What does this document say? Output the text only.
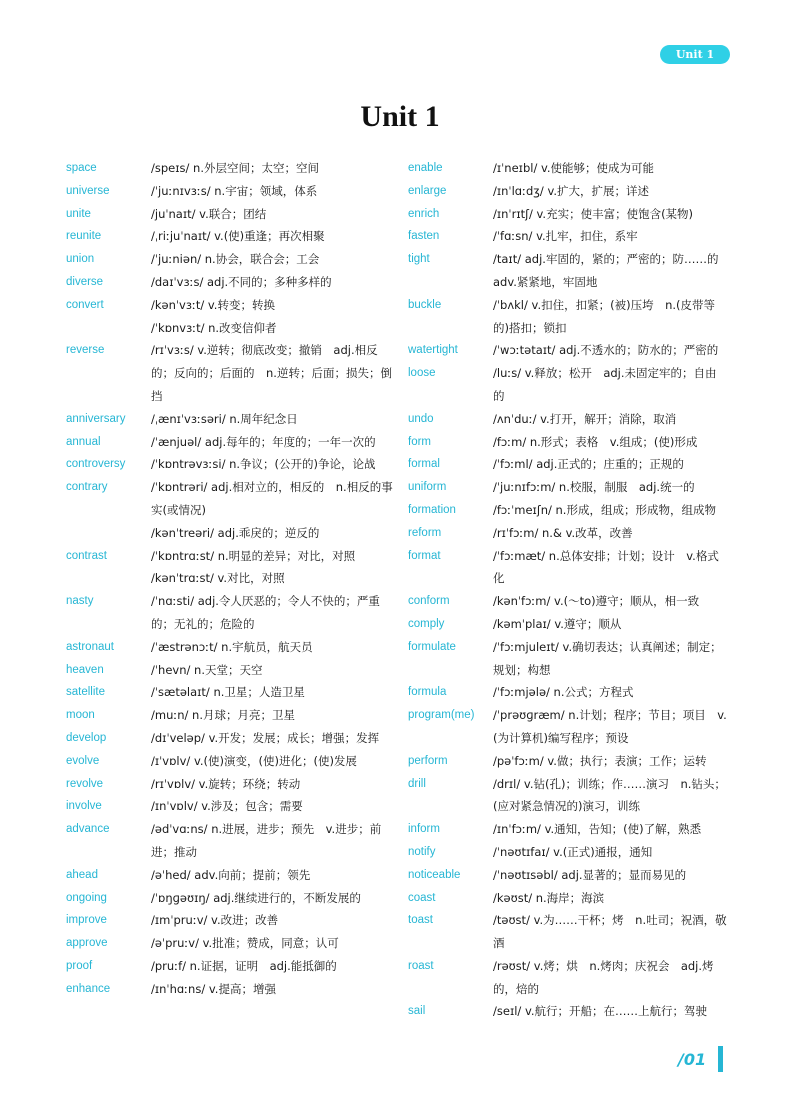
Unit 1
Unit 1
space	/speɪs/ n.外层空间；太空；空间
universe	/ˈjuːnɪvɜːs/ n.宇宙；领域，体系
unite	/juˈnaɪt/ v.联合；团结
reunite	/ˌriːjuˈnaɪt/ v.(使)重逢；再次相聚
union	/ˈjuːniən/ n.协会，联合会；工会
diverse	/daɪˈvɜːs/ adj.不同的；多种多样的
convert	/kənˈvɜːt/ v.转变；转换
/ˈkɒnvɜːt/ n.改变信仰者
reverse	/rɪˈvɜːs/ v.逆转；彻底改变；撤销　adj.相反的；反向的；后面的　n.逆转；后面；损失；倒挡
anniversary	/ˌænɪˈvɜːsəri/ n.周年纪念日
annual	/ˈænjuəl/ adj.每年的；年度的；一年一次的
controversy	/ˈkɒntrəvɜːsi/ n.争议；(公开的)争论，论战
contrary	/ˈkɒntrəri/ adj.相对立的，相反的　n.相反的事实(或情况)
/kənˈtreəri/ adj.乖戾的；逆反的
contrast	/ˈkɒntrɑːst/ n.明显的差异；对比，对照
/kənˈtrɑːst/ v.对比，对照
nasty	/ˈnɑːsti/ adj.令人厌恶的；令人不快的；严重的；无礼的；危险的
astronaut	/ˈæstrənɔːt/ n.宇航员，航天员
heaven	/ˈhevn/ n.天堂；天空
satellite	/ˈsætəlaɪt/ n.卫星；人造卫星
moon	/muːn/ n.月球；月亮；卫星
develop	/dɪˈveləp/ v.开发；发展；成长；增强；发挥
evolve	/ɪˈvɒlv/ v.(使)演变，(使)进化；(使)发展
revolve	/rɪˈvɒlv/ v.旋转；环绕；转动
involve	/ɪnˈvɒlv/ v.涉及；包含；需要
advance	/ədˈvɑːns/ n.进展，进步；预先　v.进步；前进；推动
ahead	/əˈhed/ adv.向前；提前；领先
ongoing	/ˈɒŋɡəʊɪŋ/ adj.继续进行的，不断发展的
improve	/ɪmˈpruːv/ v.改进；改善
approve	/əˈpruːv/ v.批准；赞成，同意；认可
proof	/pruːf/ n.证据，证明　adj.能抵御的
enhance	/ɪnˈhɑːns/ v.提高；增强
enable	/ɪˈneɪbl/ v.使能够；使成为可能
enlarge	/ɪnˈlɑːdʒ/ v.扩大，扩展；详述
enrich	/ɪnˈrɪtʃ/ v.充实；使丰富；使饱含(某物)
fasten	/ˈfɑːsn/ v.扎牢，扣住，系牢
tight	/taɪt/ adj.牢固的，紧的；严密的；防……的　adv.紧紧地，牢固地
buckle	/ˈbʌkl/ v.扣住，扣紧；(被)压垮　n.(皮带等的)搭扣；锁扣
watertight	/ˈwɔːtətaɪt/ adj.不透水的；防水的；严密的
loose	/luːs/ v.释放；松开　adj.未固定牢的；自由的
undo	/ʌnˈduː/ v.打开，解开；消除，取消
form	/fɔːm/ n.形式；表格　v.组成；(使)形成
formal	/ˈfɔːml/ adj.正式的；庄重的；正规的
uniform	/ˈjuːnɪfɔːm/ n.校服，制服　adj.统一的
formation	/fɔːˈmeɪʃn/ n.形成，组成；形成物，组成物
reform	/rɪˈfɔːm/ n.& v.改革，改善
format	/ˈfɔːmæt/ n.总体安排；计划；设计　v.格式化
conform	/kənˈfɔːm/ v.(～to)遵守；顺从，相一致
comply	/kəmˈplaɪ/ v.遵守；顺从
formulate	/ˈfɔːmjuleɪt/ v.确切表达；认真阐述；制定；规划；构想
formula	/ˈfɔːmjələ/ n.公式；方程式
program(me)	/ˈprəʊɡræm/ n.计划；程序；节目；项目　v.(为计算机)编写程序；预设
perform	/pəˈfɔːm/ v.做；执行；表演；工作；运转
drill	/drɪl/ v.钻(孔)；训练；作……演习　n.钻头；(应对紧急情况的)演习，训练
inform	/ɪnˈfɔːm/ v.通知，告知；(使)了解，熟悉
notify	/ˈnəʊtɪfaɪ/ v.(正式)通报，通知
noticeable	/ˈnəʊtɪsəbl/ adj.显著的；显而易见的
coast	/kəʊst/ n.海岸；海滨
toast	/təʊst/ v.为……干杯；烤　n.吐司；祝酒，敬酒
roast	/rəʊst/ v.烤；烘　n.烤肉；庆祝会　adj.烤的，焙的
sail	/seɪl/ v.航行；开船；在……上航行；驾驶
/01
